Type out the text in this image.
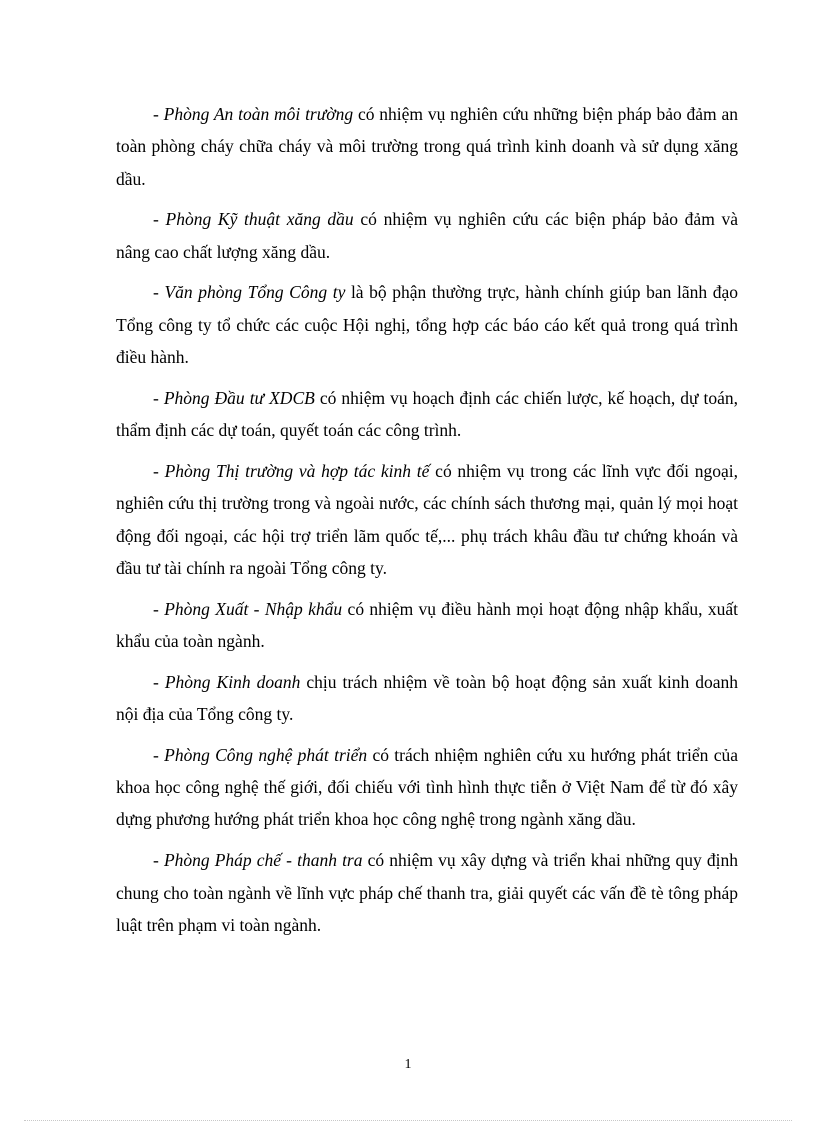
- Phòng An toàn môi trường có nhiệm vụ nghiên cứu những biện pháp bảo đảm an toàn phòng cháy chữa cháy và môi trường trong quá trình kinh doanh và sử dụng xăng dầu.

- Phòng Kỹ thuật xăng dầu có nhiệm vụ nghiên cứu các biện pháp bảo đảm và nâng cao chất lượng xăng dầu.

- Văn phòng Tổng Công ty là bộ phận thường trực, hành chính giúp ban lãnh đạo Tổng công ty tổ chức các cuộc Hội nghị, tổng hợp các báo cáo kết quả trong quá trình điều hành.

- Phòng Đầu tư XDCB có nhiệm vụ hoạch định các chiến lược, kế hoạch, dự toán, thẩm định các dự toán, quyết toán các công trình.

- Phòng Thị trường và hợp tác kinh tế có nhiệm vụ trong các lĩnh vực đối ngoại, nghiên cứu thị trường trong và ngoài nước, các chính sách thương mại, quản lý mọi hoạt động đối ngoại, các hội trợ triển lãm quốc tế,... phụ trách khâu đầu tư chứng khoán và đầu tư tài chính ra ngoài Tổng công ty.

- Phòng Xuất - Nhập khẩu có nhiệm vụ điều hành mọi hoạt động nhập khẩu, xuất khẩu của toàn ngành.

- Phòng Kinh doanh chịu trách nhiệm về toàn bộ hoạt động sản xuất kinh doanh nội địa của Tổng công ty.

- Phòng Công nghệ phát triển có trách nhiệm nghiên cứu xu hướng phát triển của khoa học công nghệ thế giới, đối chiếu với tình hình thực tiễn ở Việt Nam để từ đó xây dựng phương hướng phát triển khoa học công nghệ trong ngành xăng dầu.

- Phòng Pháp chế - thanh tra có nhiệm vụ xây dựng và triển khai những quy định chung cho toàn ngành về lĩnh vực pháp chế thanh tra, giải quyết các vấn đề tè tông pháp luật trên phạm vi toàn ngành.

1
